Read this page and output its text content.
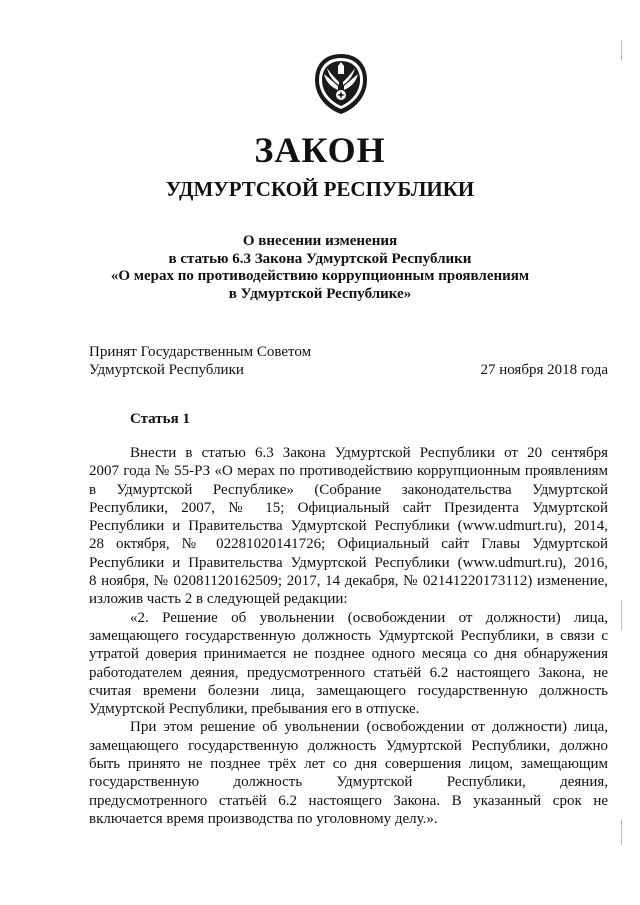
ЗАКОН
УДМУРТСКОЙ РЕСПУБЛИКИ
О внесении изменения
в статью 6.3 Закона Удмуртской Республики
«О мерах по противодействию коррупционным проявлениям
в Удмуртской Республике»
Принят Государственным Советом
Удмуртской Республики	27 ноября 2018 года
Статья 1
Внести в статью 6.3 Закона Удмуртской Республики от 20 сентября
2007 года № 55-РЗ «О мерах по противодействию коррупционным проявлениям
в Удмуртской Республике» (Собрание законодательства Удмуртской
Республики, 2007, № 15; Официальный сайт Президента Удмуртской
Республики и Правительства Удмуртской Республики (www.udmurt.ru), 2014,
28 октября, № 02281020141726; Официальный сайт Главы Удмуртской
Республики и Правительства Удмуртской Республики (www.udmurt.ru), 2016,
8 ноября, № 02081120162509; 2017, 14 декабря, № 02141220173112) изменение,
изложив часть 2 в следующей редакции:
«2. Решение об увольнении (освобождении от должности) лица,
замещающего государственную должность Удмуртской Республики, в связи с
утратой доверия принимается не позднее одного месяца со дня обнаружения
работодателем деяния, предусмотренного статьёй 6.2 настоящего Закона, не
считая времени болезни лица, замещающего государственную должность
Удмуртской Республики, пребывания его в отпуске.
При этом решение об увольнении (освобождении от должности) лица,
замещающего государственную должность Удмуртской Республики, должно
быть принято не позднее трёх лет со дня совершения лицом, замещающим
государственную должность Удмуртской Республики, деяния,
предусмотренного статьёй 6.2 настоящего Закона. В указанный срок не
включается время производства по уголовному делу.».
